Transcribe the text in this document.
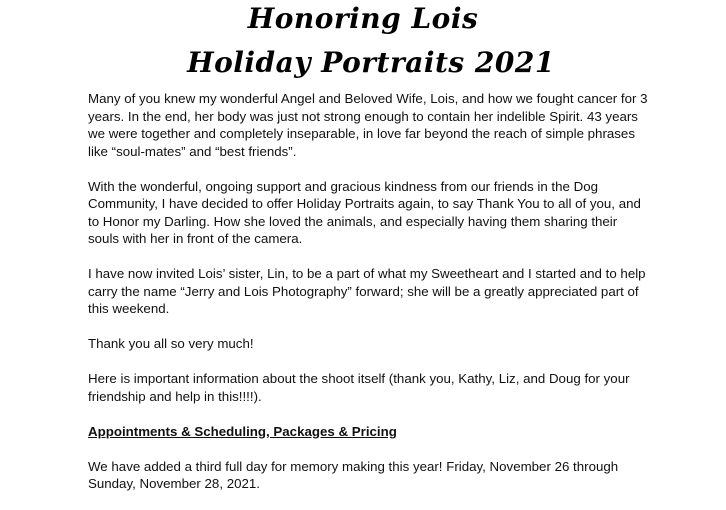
Honoring Lois
Holiday Portraits 2021

Many of you knew my wonderful Angel and Beloved Wife, Lois, and how we fought cancer for 3 years. In the end, her body was just not strong enough to contain her indelible Spirit. 43 years we were together and completely inseparable, in love far beyond the reach of simple phrases like “soul-mates” and “best friends”.

With the wonderful, ongoing support and gracious kindness from our friends in the Dog Community, I have decided to offer Holiday Portraits again, to say Thank You to all of you, and to Honor my Darling. How she loved the animals, and especially having them sharing their souls with her in front of the camera.

I have now invited Lois’ sister, Lin, to be a part of what my Sweetheart and I started and to help carry the name “Jerry and Lois Photography” forward; she will be a greatly appreciated part of this weekend.

Thank you all so very much!

Here is important information about the shoot itself (thank you, Kathy, Liz, and Doug for your friendship and help in this!!!!).

Appointments & Scheduling, Packages & Pricing

We have added a third full day for memory making this year! Friday, November 26 through Sunday, November 28, 2021.
